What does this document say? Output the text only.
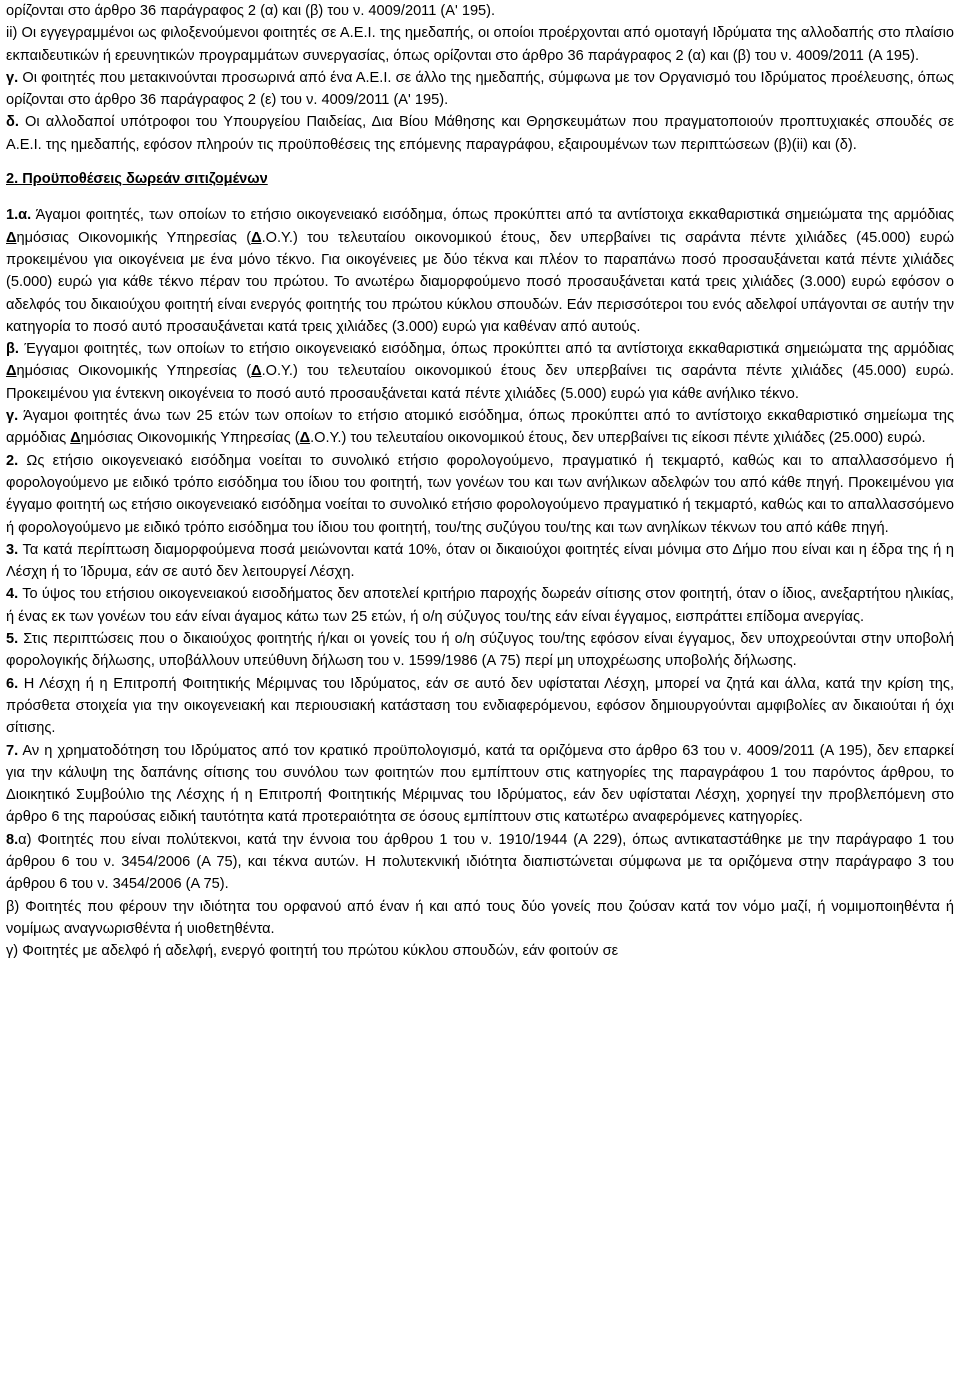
ορίζονται στο άρθρο 36 παράγραφος 2 (α) και (β) του ν. 4009/2011 (Α' 195).

ii) Οι εγγεγραμμένοι ως φιλοξενούμενοι φοιτητές σε Α.Ε.Ι. της ημεδαπής, οι οποίοι προέρχονται από ομοταγή Ιδρύματα της αλλοδαπής στο πλαίσιο εκπαιδευτικών ή ερευνητικών προγραμμάτων συνεργασίας, όπως ορίζονται στο άρθρο 36 παράγραφος 2 (α) και (β) του ν. 4009/2011 (Α 195).

γ. Οι φοιτητές που μετακινούνται προσωρινά από ένα Α.Ε.Ι. σε άλλο της ημεδαπής, σύμφωνα με τον Οργανισμό του Ιδρύματος προέλευσης, όπως ορίζονται στο άρθρο 36 παράγραφος 2 (ε) του ν. 4009/2011 (Α' 195).

δ. Οι αλλοδαποί υπότροφοι του Υπουργείου Παιδείας, Δια Βίου Μάθησης και Θρησκευμάτων που πραγματοποιούν προπτυχιακές σπουδές σε Α.Ε.Ι. της ημεδαπής, εφόσον πληρούν τις προϋποθέσεις της επόμενης παραγράφου, εξαιρουμένων των περιπτώσεων (β)(ii) και (δ).

2. Προϋποθέσεις δωρεάν σιτιζομένων

1.α. Άγαμοι φοιτητές, των οποίων το ετήσιο οικογενειακό εισόδημα, όπως προκύπτει από τα αντίστοιχα εκκαθαριστικά σημειώματα της αρμόδιας Δημόσιας Οικονομικής Υπηρεσίας (Δ.Ο.Υ.) του τελευταίου οικονομικού έτους, δεν υπερβαίνει τις σαράντα πέντε χιλιάδες (45.000) ευρώ προκειμένου για οικογένεια με ένα μόνο τέκνο. Για οικογένειες με δύο τέκνα και πλέον το παραπάνω ποσό προσαυξάνεται κατά πέντε χιλιάδες (5.000) ευρώ για κάθε τέκνο πέραν του πρώτου. Το ανωτέρω διαμορφούμενο ποσό προσαυξάνεται κατά τρεις χιλιάδες (3.000) ευρώ εφόσον ο αδελφός του δικαιούχου φοιτητή είναι ενεργός φοιτητής του πρώτου κύκλου σπουδών. Εάν περισσότεροι του ενός αδελφοί υπάγονται σε αυτήν την κατηγορία το ποσό αυτό προσαυξάνεται κατά τρεις χιλιάδες (3.000) ευρώ για καθέναν από αυτούς.

β. Έγγαμοι φοιτητές, των οποίων το ετήσιο οικογενειακό εισόδημα, όπως προκύπτει από τα αντίστοιχα εκκαθαριστικά σημειώματα της αρμόδιας Δημόσιας Οικονομικής Υπηρεσίας (Δ.Ο.Υ.) του τελευταίου οικονομικού έτους δεν υπερβαίνει τις σαράντα πέντε χιλιάδες (45.000) ευρώ. Προκειμένου για έντεκνη οικογένεια το ποσό αυτό προσαυξάνεται κατά πέντε χιλιάδες (5.000) ευρώ για κάθε ανήλικο τέκνο.

γ. Άγαμοι φοιτητές άνω των 25 ετών των οποίων το ετήσιο ατομικό εισόδημα, όπως προκύπτει από το αντίστοιχο εκκαθαριστικό σημείωμα της αρμόδιας Δημόσιας Οικονομικής Υπηρεσίας (Δ.Ο.Υ.) του τελευταίου οικονομικού έτους, δεν υπερβαίνει τις είκοσι πέντε χιλιάδες (25.000) ευρώ.

2. Ως ετήσιο οικογενειακό εισόδημα νοείται το συνολικό ετήσιο φορολογούμενο, πραγματικό ή τεκμαρτό, καθώς και το απαλλασσόμενο ή φορολογούμενο με ειδικό τρόπο εισόδημα του ίδιου του φοιτητή, των γονέων του και των ανήλικων αδελφών του από κάθε πηγή. Προκειμένου για έγγαμο φοιτητή ως ετήσιο οικογενειακό εισόδημα νοείται το συνολικό ετήσιο φορολογούμενο πραγματικό ή τεκμαρτό, καθώς και το απαλλασσόμενο ή φορολογούμενο με ειδικό τρόπο εισόδημα του ίδιου του φοιτητή, του/της συζύγου του/της και των ανηλίκων τέκνων του από κάθε πηγή.

3. Τα κατά περίπτωση διαμορφούμενα ποσά μειώνονται κατά 10%, όταν οι δικαιούχοι φοιτητές είναι μόνιμα στο Δήμο που είναι και η έδρα της ή η Λέσχη ή το Ίδρυμα, εάν σε αυτό δεν λειτουργεί Λέσχη.

4. Το ύψος του ετήσιου οικογενειακού εισοδήματος δεν αποτελεί κριτήριο παροχής δωρεάν σίτισης στον φοιτητή, όταν ο ίδιος, ανεξαρτήτου ηλικίας, ή ένας εκ των γονέων του εάν είναι άγαμος κάτω των 25 ετών, ή ο/η σύζυγος του/της εάν είναι έγγαμος, εισπράττει επίδομα ανεργίας.

5. Στις περιπτώσεις που ο δικαιούχος φοιτητής ή/και οι γονείς του ή ο/η σύζυγος του/της εφόσον είναι έγγαμος, δεν υποχρεούνται στην υποβολή φορολογικής δήλωσης, υποβάλλουν υπεύθυνη δήλωση του ν. 1599/1986 (Α 75) περί μη υποχρέωσης υποβολής δήλωσης.

6. Η Λέσχη ή η Επιτροπή Φοιτητικής Μέριμνας του Ιδρύματος, εάν σε αυτό δεν υφίσταται Λέσχη, μπορεί να ζητά και άλλα, κατά την κρίση της, πρόσθετα στοιχεία για την οικογενειακή και περιουσιακή κατάσταση του ενδιαφερόμενου, εφόσον δημιουργούνται αμφιβολίες αν δικαιούται ή όχι σίτισης.

7. Αν η χρηματοδότηση του Ιδρύματος από τον κρατικό προϋπολογισμό, κατά τα οριζόμενα στο άρθρο 63 του ν. 4009/2011 (Α 195), δεν επαρκεί για την κάλυψη της δαπάνης σίτισης του συνόλου των φοιτητών που εμπίπτουν στις κατηγορίες της παραγράφου 1 του παρόντος άρθρου, το Διοικητικό Συμβούλιο της Λέσχης ή η Επιτροπή Φοιτητικής Μέριμνας του Ιδρύματος, εάν δεν υφίσταται Λέσχη, χορηγεί την προβλεπόμενη στο άρθρο 6 της παρούσας ειδική ταυτότητα κατά προτεραιότητα σε όσους εμπίπτουν στις κατωτέρω αναφερόμενες κατηγορίες.

8.α) Φοιτητές που είναι πολύτεκνοι, κατά την έννοια του άρθρου 1 του ν. 1910/1944 (Α 229), όπως αντικαταστάθηκε με την παράγραφο 1 του άρθρου 6 του ν. 3454/2006 (Α 75), και τέκνα αυτών. Η πολυτεκνική ιδιότητα διαπιστώνεται σύμφωνα με τα οριζόμενα στην παράγραφο 3 του άρθρου 6 του ν. 3454/2006 (Α 75).

β) Φοιτητές που φέρουν την ιδιότητα του ορφανού από έναν ή και από τους δύο γονείς που ζούσαν κατά τον νόμο μαζί, ή νομιμοποιηθέντα ή νομίμως αναγνωρισθέντα ή υιοθετηθέντα.

γ) Φοιτητές με αδελφό ή αδελφή, ενεργό φοιτητή του πρώτου κύκλου σπουδών, εάν φοιτούν σε
